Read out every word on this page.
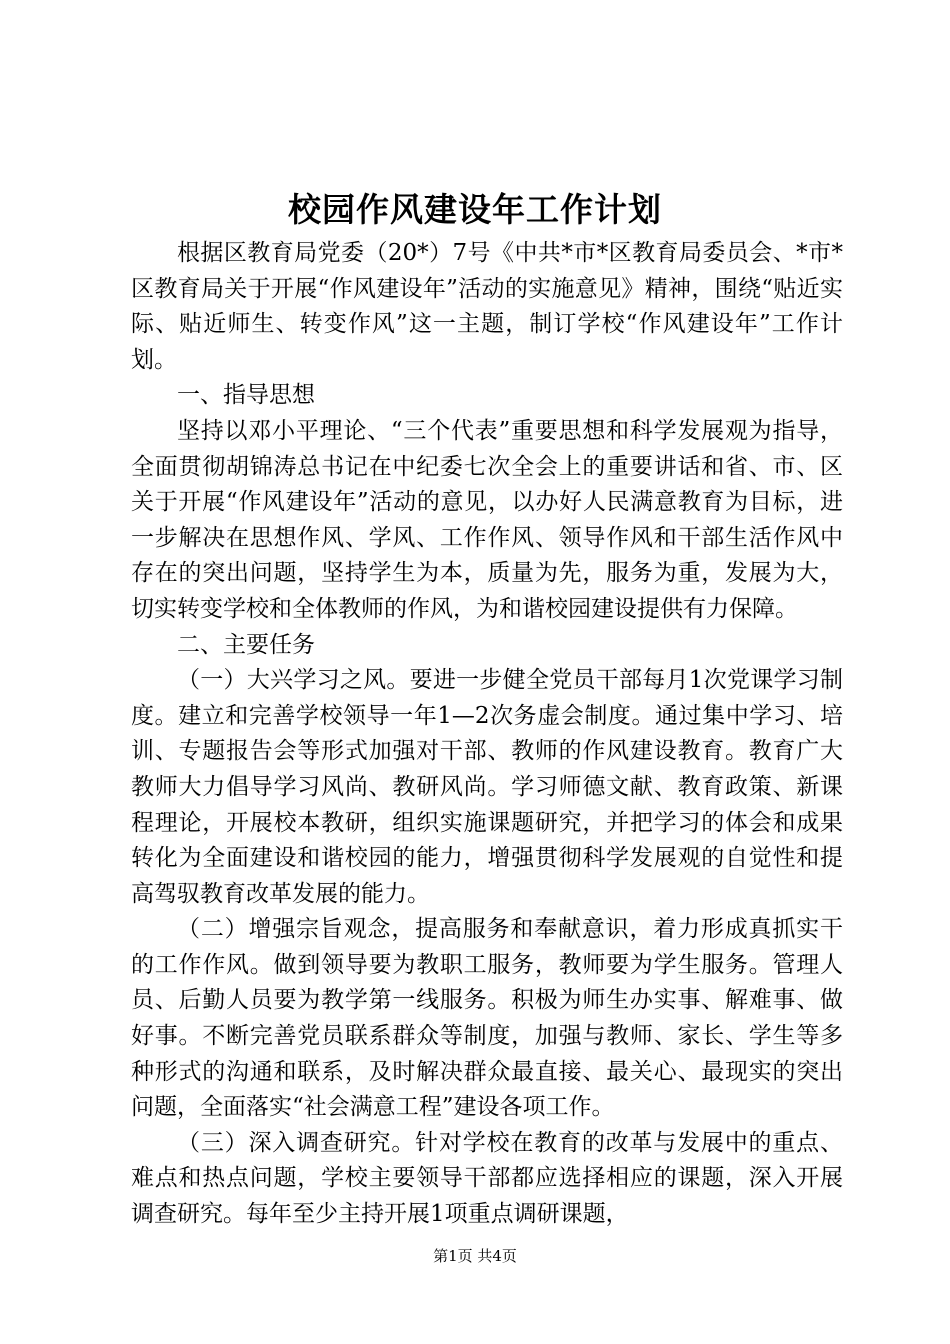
校园作风建设年工作计划

根据区教育局党委（20*）7号《中共*市*区教育局委员会、*市*区教育局关于开展“作风建设年”活动的实施意见》精神，围绕“贴近实际、贴近师生、转变作风”这一主题，制订学校“作风建设年”工作计划。

一、指导思想

坚持以邓小平理论、“三个代表”重要思想和科学发展观为指导，全面贯彻胡锦涛总书记在中纪委七次全会上的重要讲话和省、市、区关于开展“作风建设年”活动的意见，以办好人民满意教育为目标，进一步解决在思想作风、学风、工作作风、领导作风和干部生活作风中存在的突出问题，坚持学生为本，质量为先，服务为重，发展为大，切实转变学校和全体教师的作风，为和谐校园建设提供有力保障。

二、主要任务

（一）大兴学习之风。要进一步健全党员干部每月1次党课学习制度。建立和完善学校领导一年1—2次务虚会制度。通过集中学习、培训、专题报告会等形式加强对干部、教师的作风建设教育。教育广大教师大力倡导学习风尚、教研风尚。学习师德文献、教育政策、新课程理论，开展校本教研，组织实施课题研究，并把学习的体会和成果转化为全面建设和谐校园的能力，增强贯彻科学发展观的自觉性和提高驾驭教育改革发展的能力。

（二）增强宗旨观念，提高服务和奉献意识，着力形成真抓实干的工作作风。做到领导要为教职工服务，教师要为学生服务。管理人员、后勤人员要为教学第一线服务。积极为师生办实事、解难事、做好事。不断完善党员联系群众等制度，加强与教师、家长、学生等多种形式的沟通和联系，及时解决群众最直接、最关心、最现实的突出问题，全面落实“社会满意工程”建设各项工作。

（三）深入调查研究。针对学校在教育的改革与发展中的重点、难点和热点问题，学校主要领导干部都应选择相应的课题，深入开展调查研究。每年至少主持开展1项重点调研课题，

第1页 共4页
